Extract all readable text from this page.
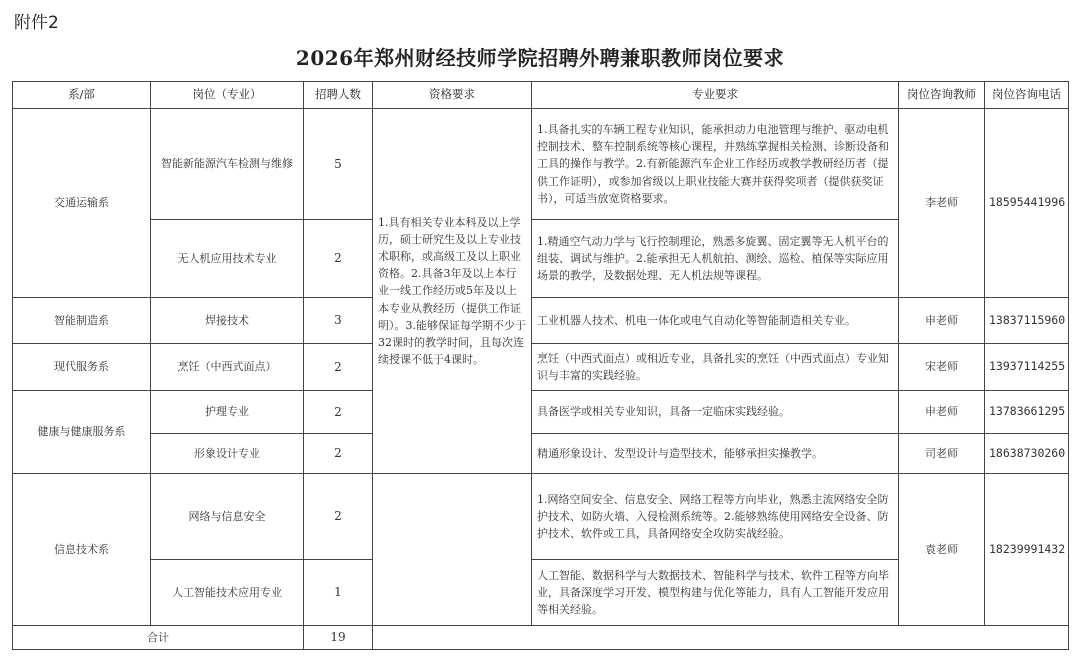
附件2
2026年郑州财经技师学院招聘外聘兼职教师岗位要求
系/部	岗位（专业）	招聘人数	资格要求	专业要求	岗位咨询教师	岗位咨询电话
交通运输系	智能新能源汽车检测与维修	5	1.具有相关专业本科及以上学历，硕士研究生及以上专业技术职称，或高级工及以上职业资格。2.具备3年及以上本行业一线工作经历或5年及以上本专业从教经历（提供工作证明）。3.能够保证每学期不少于32课时的教学时间，且每次连续授课不低于4课时。	1.具备扎实的车辆工程专业知识，能承担动力电池管理与维护、驱动电机控制技术、整车控制系统等核心课程，并熟练掌握相关检测、诊断设备和工具的操作与教学。2.有新能源汽车企业工作经历或教学教研经历者（提供工作证明），或参加省级以上职业技能大赛并获得奖项者（提供获奖证书），可适当放宽资格要求。	李老师	18595441996
	无人机应用技术专业	2		1.精通空气动力学与飞行控制理论，熟悉多旋翼、固定翼等无人机平台的组装、调试与维护。2.能承担无人机航拍、测绘、巡检、植保等实际应用场景的教学，及数据处理、无人机法规等课程。		
智能制造系	焊接技术	3		工业机器人技术、机电一体化或电气自动化等智能制造相关专业。	申老师	13837115960
现代服务系	烹饪（中西式面点）	2		烹饪（中西式面点）或相近专业，具备扎实的烹饪（中西式面点）专业知识与丰富的实践经验。	宋老师	13937114255
健康与健康服务系	护理专业	2		具备医学或相关专业知识，具备一定临床实践经验。	申老师	13783661295
	形象设计专业	2		精通形象设计、发型设计与造型技术，能够承担实操教学。	司老师	18638730260
信息技术系	网络与信息安全	2		1.网络空间安全、信息安全、网络工程等方向毕业，熟悉主流网络安全防护技术、如防火墙、入侵检测系统等。2.能够熟练使用网络安全设备、防护技术、软件或工具，具备网络安全攻防实战经验。	袁老师	18239991432
	人工智能技术应用专业	1		人工智能、数据科学与大数据技术、智能科学与技术、软件工程等方向毕业，具备深度学习开发、模型构建与优化等能力，具有人工智能开发应用等相关经验。		
合计		19				
